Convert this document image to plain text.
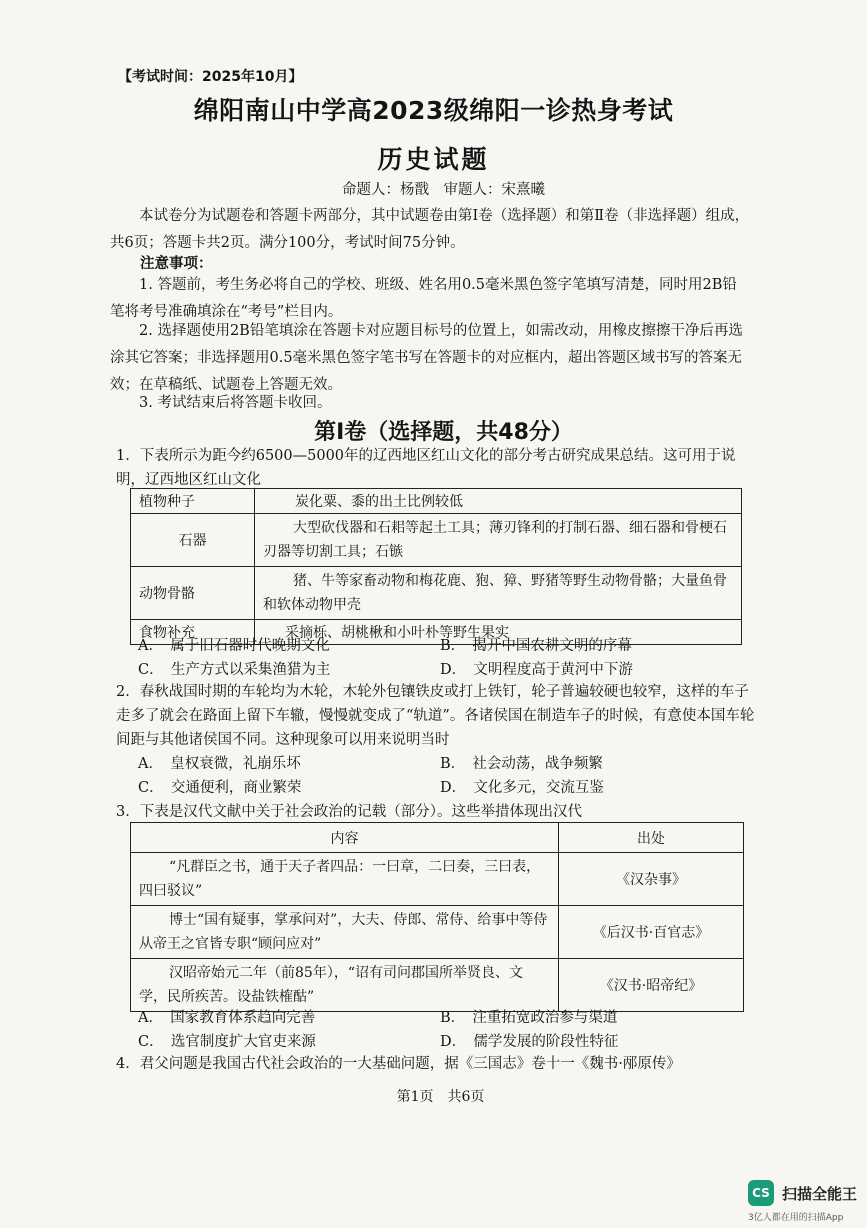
【考试时间：2025年10月】
绵阳南山中学高2023级绵阳一诊热身考试
历史试题
命题人：杨戬　审题人：宋熹曦
本试卷分为试题卷和答题卡两部分，其中试题卷由第Ⅰ卷（选择题）和第Ⅱ卷（非选择题）组成，共6页；答题卡共2页。满分100分，考试时间75分钟。
注意事项：
1. 答题前，考生务必将自己的学校、班级、姓名用0.5毫米黑色签字笔填写清楚，同时用2B铅笔将考号准确填涂在“考号”栏目内。
2. 选择题使用2B铅笔填涂在答题卡对应题目标号的位置上，如需改动，用橡皮擦擦干净后再选涂其它答案；非选择题用0.5毫米黑色签字笔书写在答题卡的对应框内，超出答题区域书写的答案无效；在草稿纸、试题卷上答题无效。
3. 考试结束后将答题卡收回。
第Ⅰ卷（选择题，共48分）
1．下表所示为距今约6500—5000年的辽西地区红山文化的部分考古研究成果总结。这可用于说明，辽西地区红山文化
植物种子	炭化粟、黍的出土比例较低
石器	大型砍伐器和石耜等起土工具；薄刃锋利的打制石器、细石器和骨梗石刃器等切割工具；石镞
动物骨骼	猪、牛等家畜动物和梅花鹿、狍、獐、野猪等野生动物骨骼；大量鱼骨和软体动物甲壳
食物补充	采摘栎、胡桃楸和小叶朴等野生果实
A．　属于旧石器时代晚期文化	B．　揭开中国农耕文明的序幕
C．　生产方式以采集渔猎为主	D．　文明程度高于黄河中下游
2．春秋战国时期的车轮均为木轮，木轮外包镶铁皮或打上铁钉，轮子普遍较硬也较窄，这样的车子走多了就会在路面上留下车辙，慢慢就变成了“轨道”。各诸侯国在制造车子的时候，有意使本国车轮间距与其他诸侯国不同。这种现象可以用来说明当时
A．　皇权衰微，礼崩乐坏	B．　社会动荡，战争频繁
C．　交通便利，商业繁荣	D．　文化多元，交流互鉴
3．下表是汉代文献中关于社会政治的记载（部分）。这些举措体现出汉代
内容	出处
“凡群臣之书，通于天子者四品：一曰章，二曰奏，三曰表，四曰驳议”	《汉杂事》
博士“国有疑事，掌承问对”，大夫、侍郎、常侍、给事中等侍从帝王之官皆专职“顾问应对”	《后汉书·百官志》
汉昭帝始元二年（前85年），“诏有司问郡国所举贤良、文学，民所疾苦。设盐铁榷酤”	《汉书·昭帝纪》
A．　国家教育体系趋向完善	B．　注重拓宽政治参与渠道
C．　选官制度扩大官吏来源	D．　儒学发展的阶段性特征
4．君父问题是我国古代社会政治的一大基础问题，据《三国志》卷十一《魏书·邴原传》
第1页　共6页
CS 扫描全能王
3亿人都在用的扫描App
